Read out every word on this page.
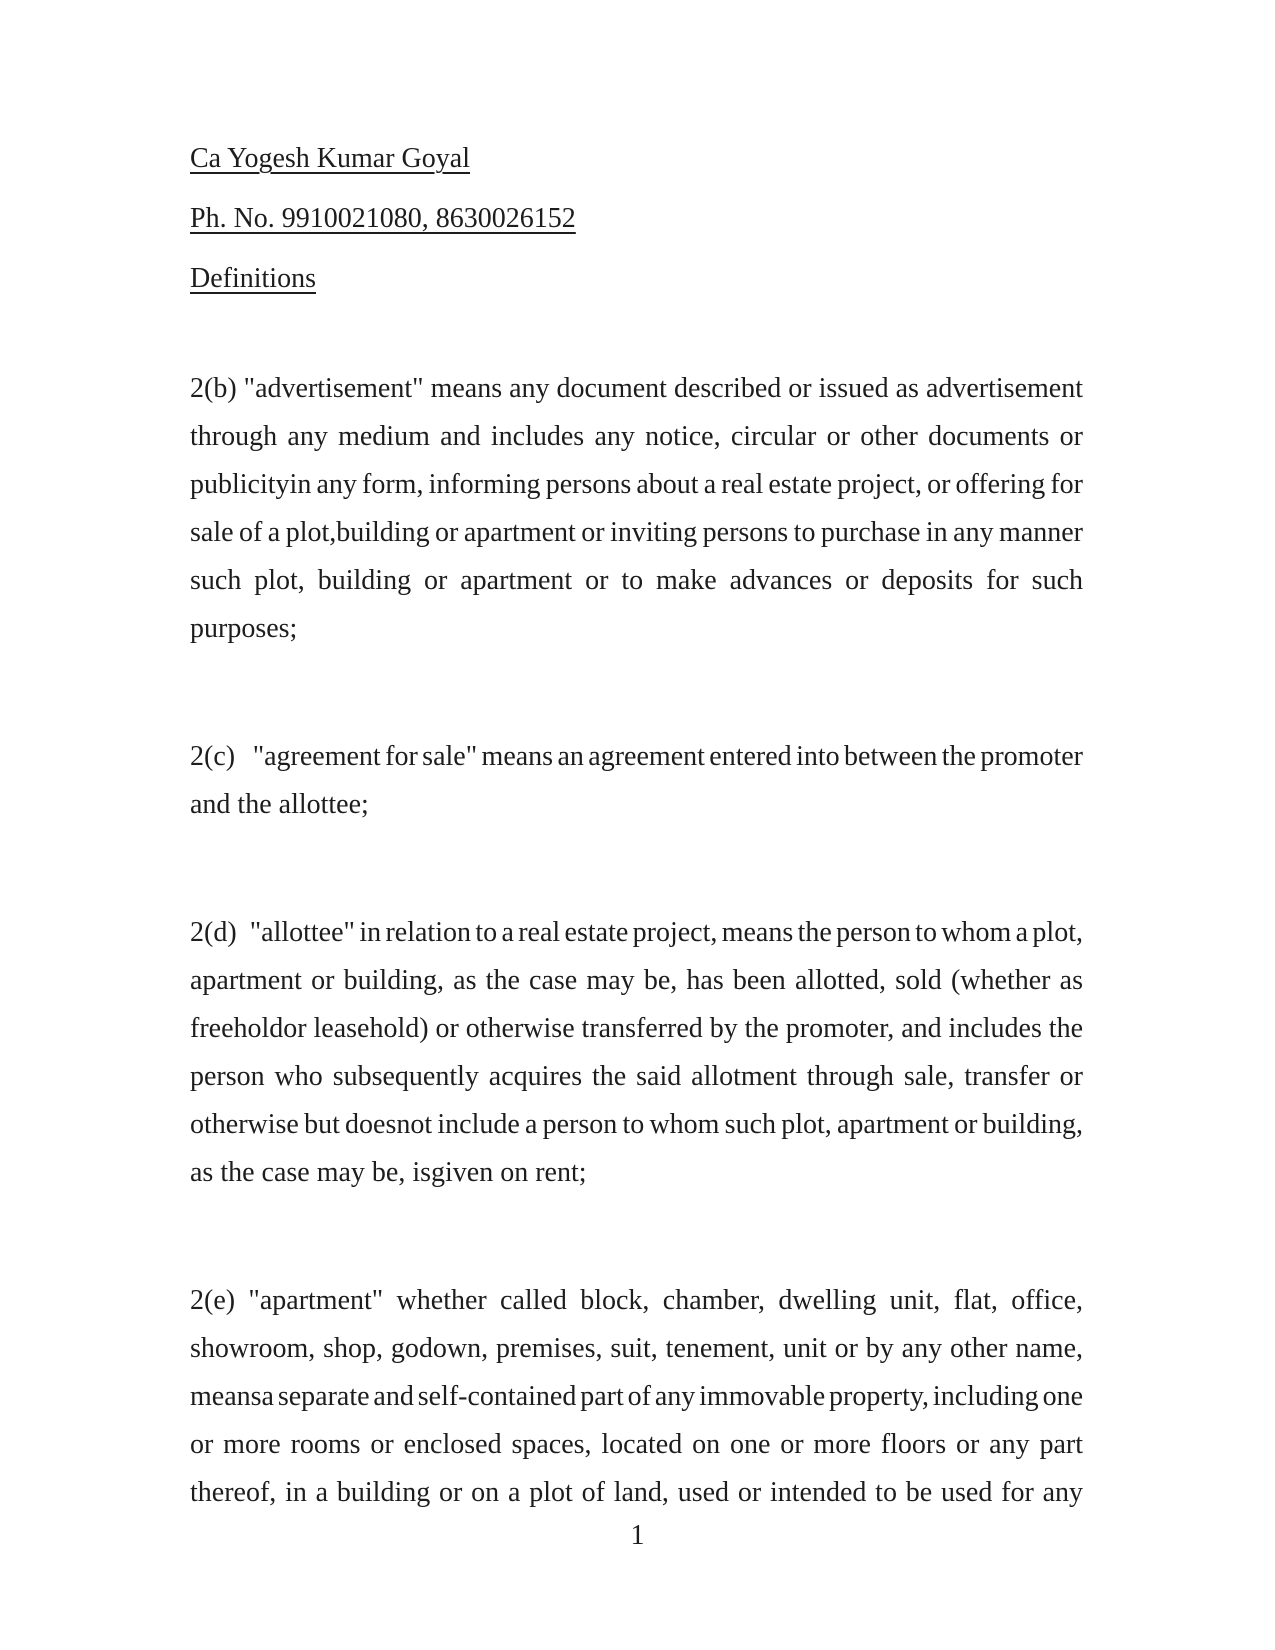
Ca Yogesh Kumar Goyal
Ph. No. 9910021080, 8630026152
Definitions
2(b) "advertisement" means any document described or issued as advertisement
through any medium and includes any notice, circular or other documents or
publicityin any form, informing persons about a real estate project, or offering for
sale of a plot,building or apartment or inviting persons to purchase in any manner
such plot, building or apartment or to make advances or deposits for such
purposes;
2(c)    "agreement for sale" means an agreement entered into between the promoter
and the allottee;
2(d)   "allottee" in relation to a real estate project, means the person to whom a plot,
apartment or building, as the case may be, has been allotted, sold (whether as
freeholdor leasehold) or otherwise transferred by the promoter, and includes the
person who subsequently acquires the said allotment through sale, transfer or
otherwise but doesnot include a person to whom such plot, apartment or building,
as the case may be, isgiven on rent;
2(e) "apartment" whether called block, chamber, dwelling unit, flat, office,
showroom, shop, godown, premises, suit, tenement, unit or by any other name,
meansa separate and self-contained part of any immovable property, including one
or more rooms or enclosed spaces, located on one or more floors or any part
thereof, in a building or on a plot of land, used or intended to be used for any
1
